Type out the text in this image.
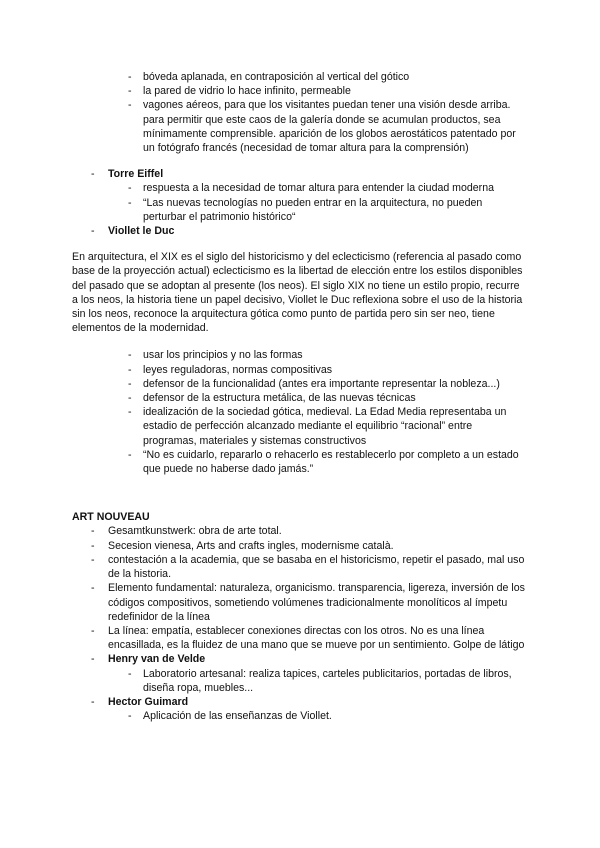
- bóveda aplanada, en contraposición al vertical del gótico
- la pared de vidrio lo hace infinito, permeable
- vagones aéreos, para que los visitantes puedan tener una visión desde arriba. para permitir que este caos de la galería donde se acumulan productos, sea mínimamente comprensible. aparición de los globos aerostáticos patentado por un fotógrafo francés (necesidad de tomar altura para la comprensión)
- Torre Eiffel
- respuesta a la necesidad de tomar altura para entender la ciudad moderna
- “Las nuevas tecnologías no pueden entrar en la arquitectura, no pueden perturbar el patrimonio histórico“
- Viollet le Duc

En arquitectura, el XIX es el siglo del historicismo y del eclecticismo (referencia al pasado como base de la proyección actual) eclecticismo es la libertad de elección entre los estilos disponibles del pasado que se adoptan al presente (los neos). El siglo XIX no tiene un estilo propio, recurre a los neos, la historia tiene un papel decisivo, Viollet le Duc reflexiona sobre el uso de la historia sin los neos, reconoce la arquitectura gótica como punto de partida pero sin ser neo, tiene elementos de la modernidad.

- usar los principios y no las formas
- leyes reguladoras, normas compositivas
- defensor de la funcionalidad (antes era importante representar la nobleza...)
- defensor de la estructura metálica, de las nuevas técnicas
- idealización de la sociedad gótica, medieval. La Edad Media representaba un estadio de perfección alcanzado mediante el equilibrio “racional” entre programas, materiales y sistemas constructivos
- “No es cuidarlo, repararlo o rehacerlo es restablecerlo por completo a un estado que puede no haberse dado jamás.”
ART NOUVEAU
- Gesamtkunstwerk: obra de arte total.
- Secesion vienesa, Arts and crafts ingles, modernisme català.
- contestación a la academia, que se basaba en el historicismo, repetir el pasado, mal uso de la historia.
- Elemento fundamental: naturaleza, organicismo. transparencia, ligereza, inversión de los códigos compositivos, sometiendo volúmenes tradicionalmente monolíticos al ímpetu redefinidor de la línea
- La línea: empatía, establecer conexiones directas con los otros. No es una línea encasillada, es la fluidez de una mano que se mueve por un sentimiento. Golpe de látigo
- Henry van de Velde
- Laboratorio artesanal: realiza tapices, carteles publicitarios, portadas de libros, diseña ropa, muebles...
- Hector Guimard
- Aplicación de las enseñanzas de Viollet.
